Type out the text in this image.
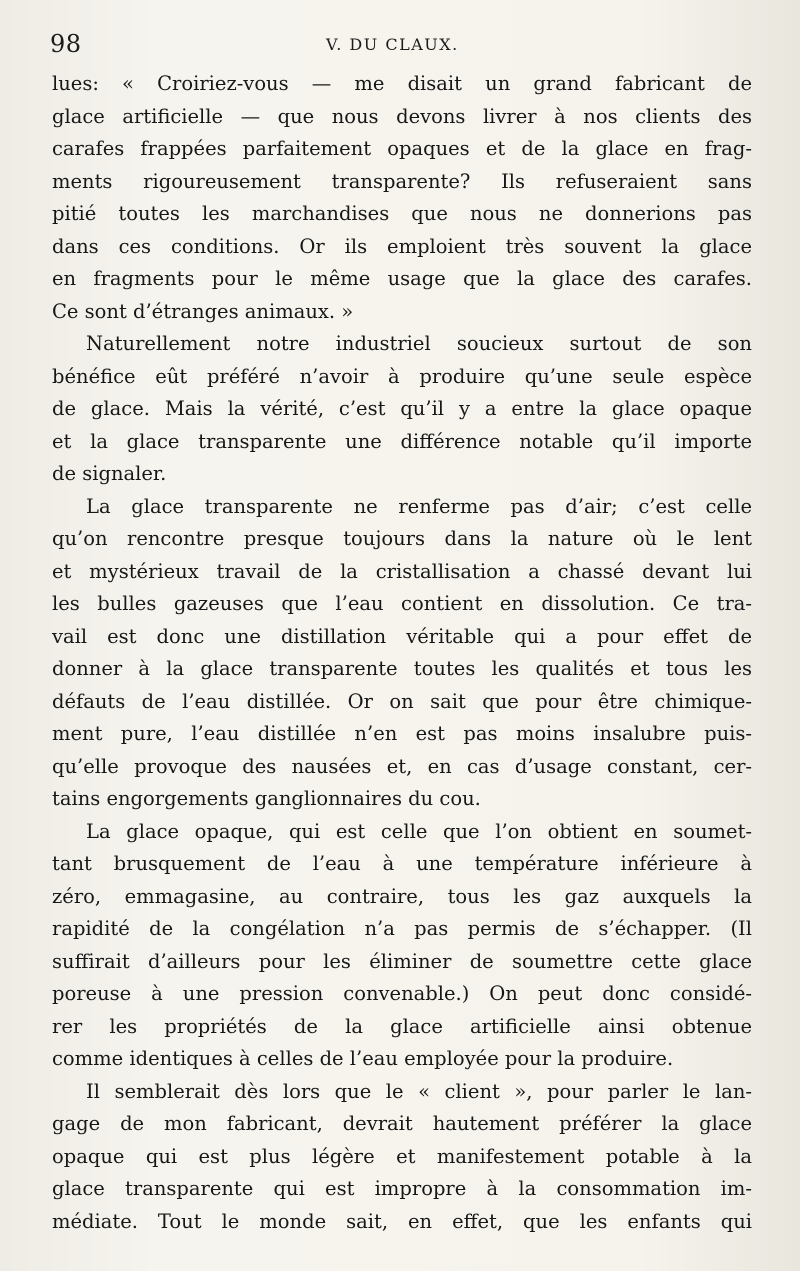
98	V. DU CLAUX.
lues: « Croiriez-vous — me disait un grand fabricant de
glace artificielle — que nous devons livrer à nos clients des
carafes frappées parfaitement opaques et de la glace en frag-
ments rigoureusement transparente? Ils refuseraient sans
pitié toutes les marchandises que nous ne donnerions pas
dans ces conditions. Or ils emploient très souvent la glace
en fragments pour le même usage que la glace des carafes.
Ce sont d’étranges animaux. »
Naturellement notre industriel soucieux surtout de son
bénéfice eût préféré n’avoir à produire qu’une seule espèce
de glace. Mais la vérité, c’est qu’il y a entre la glace opaque
et la glace transparente une différence notable qu’il importe
de signaler.
La glace transparente ne renferme pas d’air; c’est celle
qu’on rencontre presque toujours dans la nature où le lent
et mystérieux travail de la cristallisation a chassé devant lui
les bulles gazeuses que l’eau contient en dissolution. Ce tra-
vail est donc une distillation véritable qui a pour effet de
donner à la glace transparente toutes les qualités et tous les
défauts de l’eau distillée. Or on sait que pour être chimique-
ment pure, l’eau distillée n’en est pas moins insalubre puis-
qu’elle provoque des nausées et, en cas d’usage constant, cer-
tains engorgements ganglionnaires du cou.
La glace opaque, qui est celle que l’on obtient en soumet-
tant brusquement de l’eau à une température inférieure à
zéro, emmagasine, au contraire, tous les gaz auxquels la
rapidité de la congélation n’a pas permis de s’échapper. (Il
suffirait d’ailleurs pour les éliminer de soumettre cette glace
poreuse à une pression convenable.) On peut donc considé-
rer les propriétés de la glace artificielle ainsi obtenue
comme identiques à celles de l’eau employée pour la produire.
Il semblerait dès lors que le « client », pour parler le lan-
gage de mon fabricant, devrait hautement préférer la glace
opaque qui est plus légère et manifestement potable à la
glace transparente qui est impropre à la consommation im-
médiate. Tout le monde sait, en effet, que les enfants qui
